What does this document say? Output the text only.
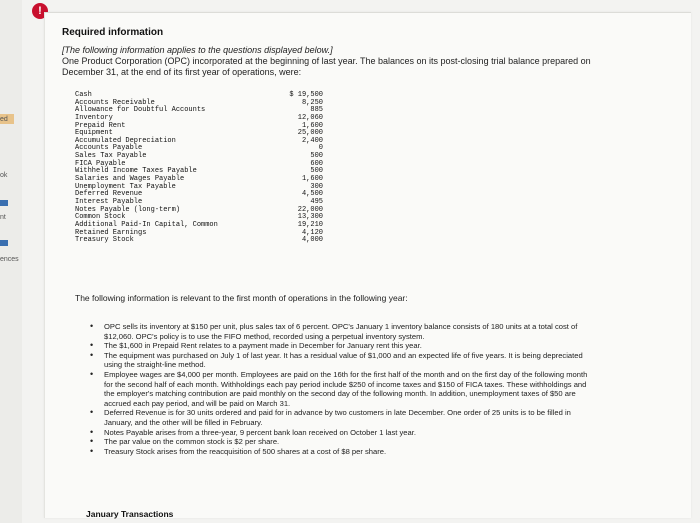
ed
ok
nt
ences
!
Required information
[The following information applies to the questions displayed below.]
One Product Corporation (OPC) incorporated at the beginning of last year. The balances on its post-closing trial balance prepared on December 31, at the end of its first year of operations, were:
Cash	$ 19,500
Accounts Receivable	8,250
Allowance for Doubtful Accounts	885
Inventory	12,060
Prepaid Rent	1,600
Equipment	25,000
Accumulated Depreciation	2,400
Accounts Payable	0
Sales Tax Payable	500
FICA Payable	600
Withheld Income Taxes Payable	500
Salaries and Wages Payable	1,600
Unemployment Tax Payable	300
Deferred Revenue	4,500
Interest Payable	495
Notes Payable (long-term)	22,000
Common Stock	13,300
Additional Paid-In Capital, Common	19,210
Retained Earnings	4,120
Treasury Stock	4,000
The following information is relevant to the first month of operations in the following year:
• OPC sells its inventory at $150 per unit, plus sales tax of 6 percent. OPC's January 1 inventory balance consists of 180 units at a total cost of $12,060. OPC's policy is to use the FIFO method, recorded using a perpetual inventory system.
• The $1,600 in Prepaid Rent relates to a payment made in December for January rent this year.
• The equipment was purchased on July 1 of last year. It has a residual value of $1,000 and an expected life of five years. It is being depreciated using the straight-line method.
• Employee wages are $4,000 per month. Employees are paid on the 16th for the first half of the month and on the first day of the following month for the second half of each month. Withholdings each pay period include $250 of income taxes and $150 of FICA taxes. These withholdings and the employer's matching contribution are paid monthly on the second day of the following month. In addition, unemployment taxes of $50 are accrued each pay period, and will be paid on March 31.
• Deferred Revenue is for 30 units ordered and paid for in advance by two customers in late December. One order of 25 units is to be filled in January, and the other will be filled in February.
• Notes Payable arises from a three-year, 9 percent bank loan received on October 1 last year.
• The par value on the common stock is $2 per share.
• Treasury Stock arises from the reacquisition of 500 shares at a cost of $8 per share.
January Transactions
